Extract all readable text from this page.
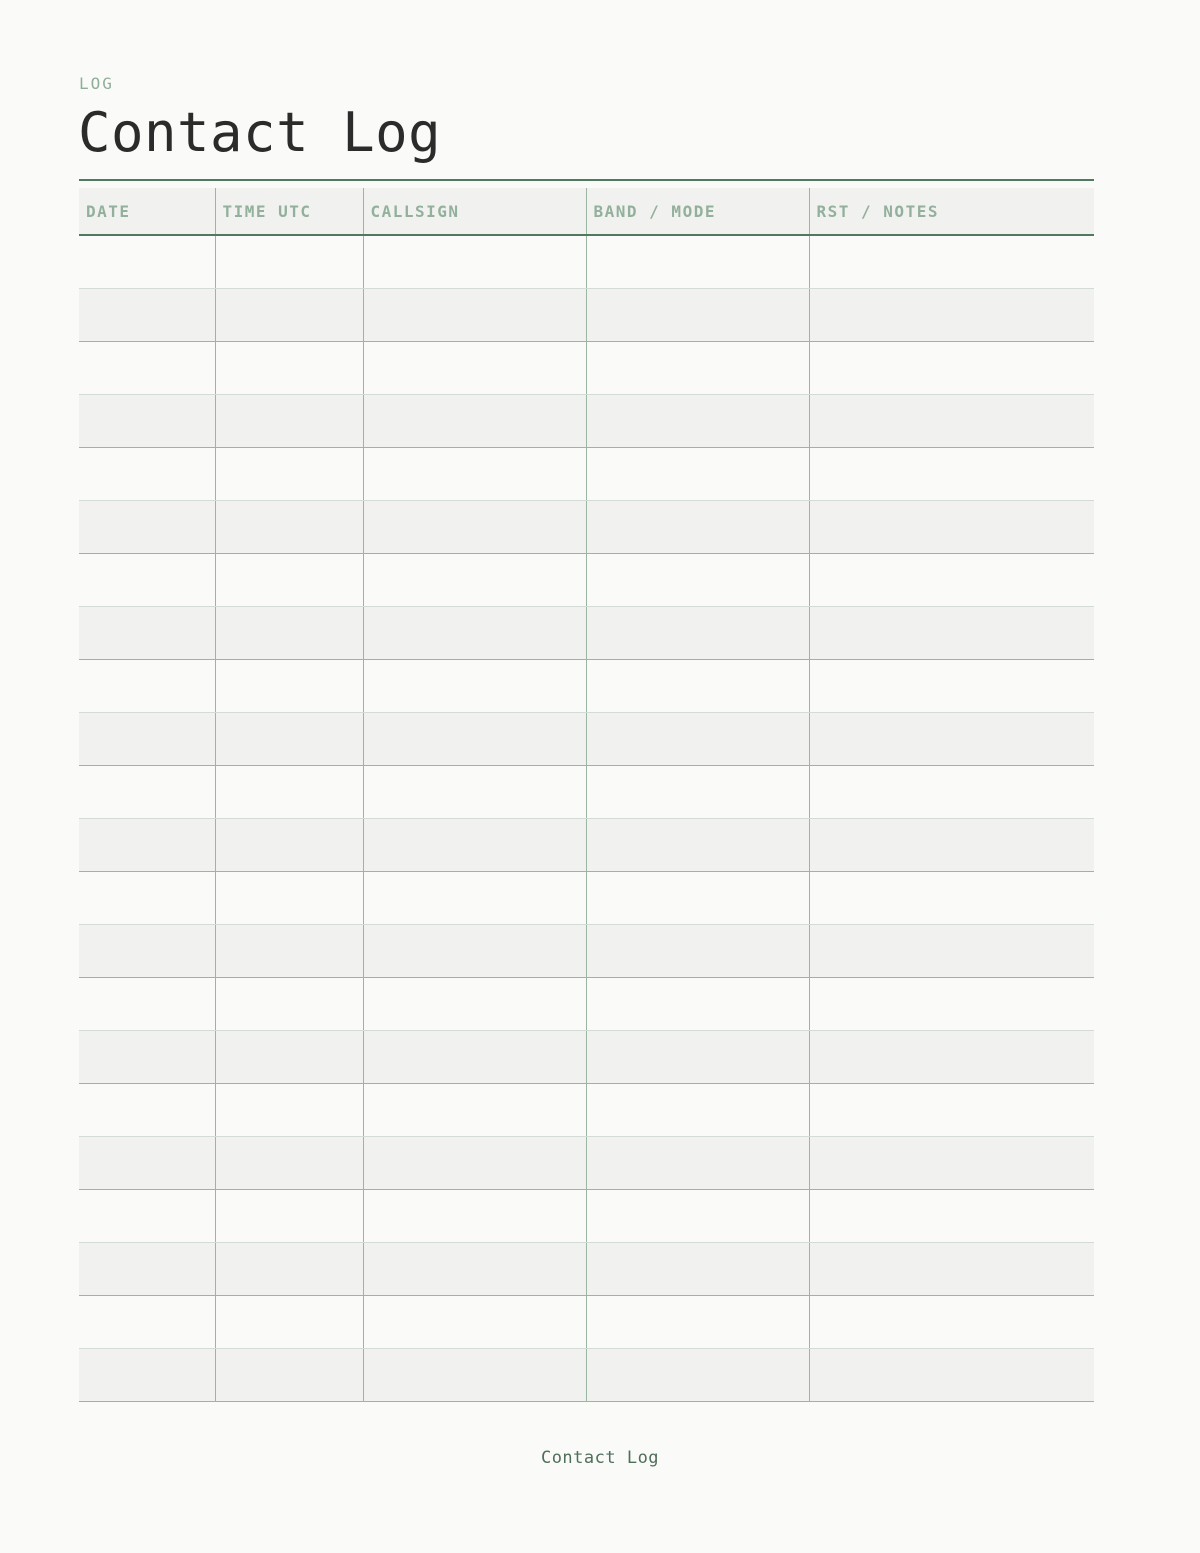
LOG
Contact Log
DATE	TIME UTC	CALLSIGN	BAND / MODE	RST / NOTES

Contact Log
